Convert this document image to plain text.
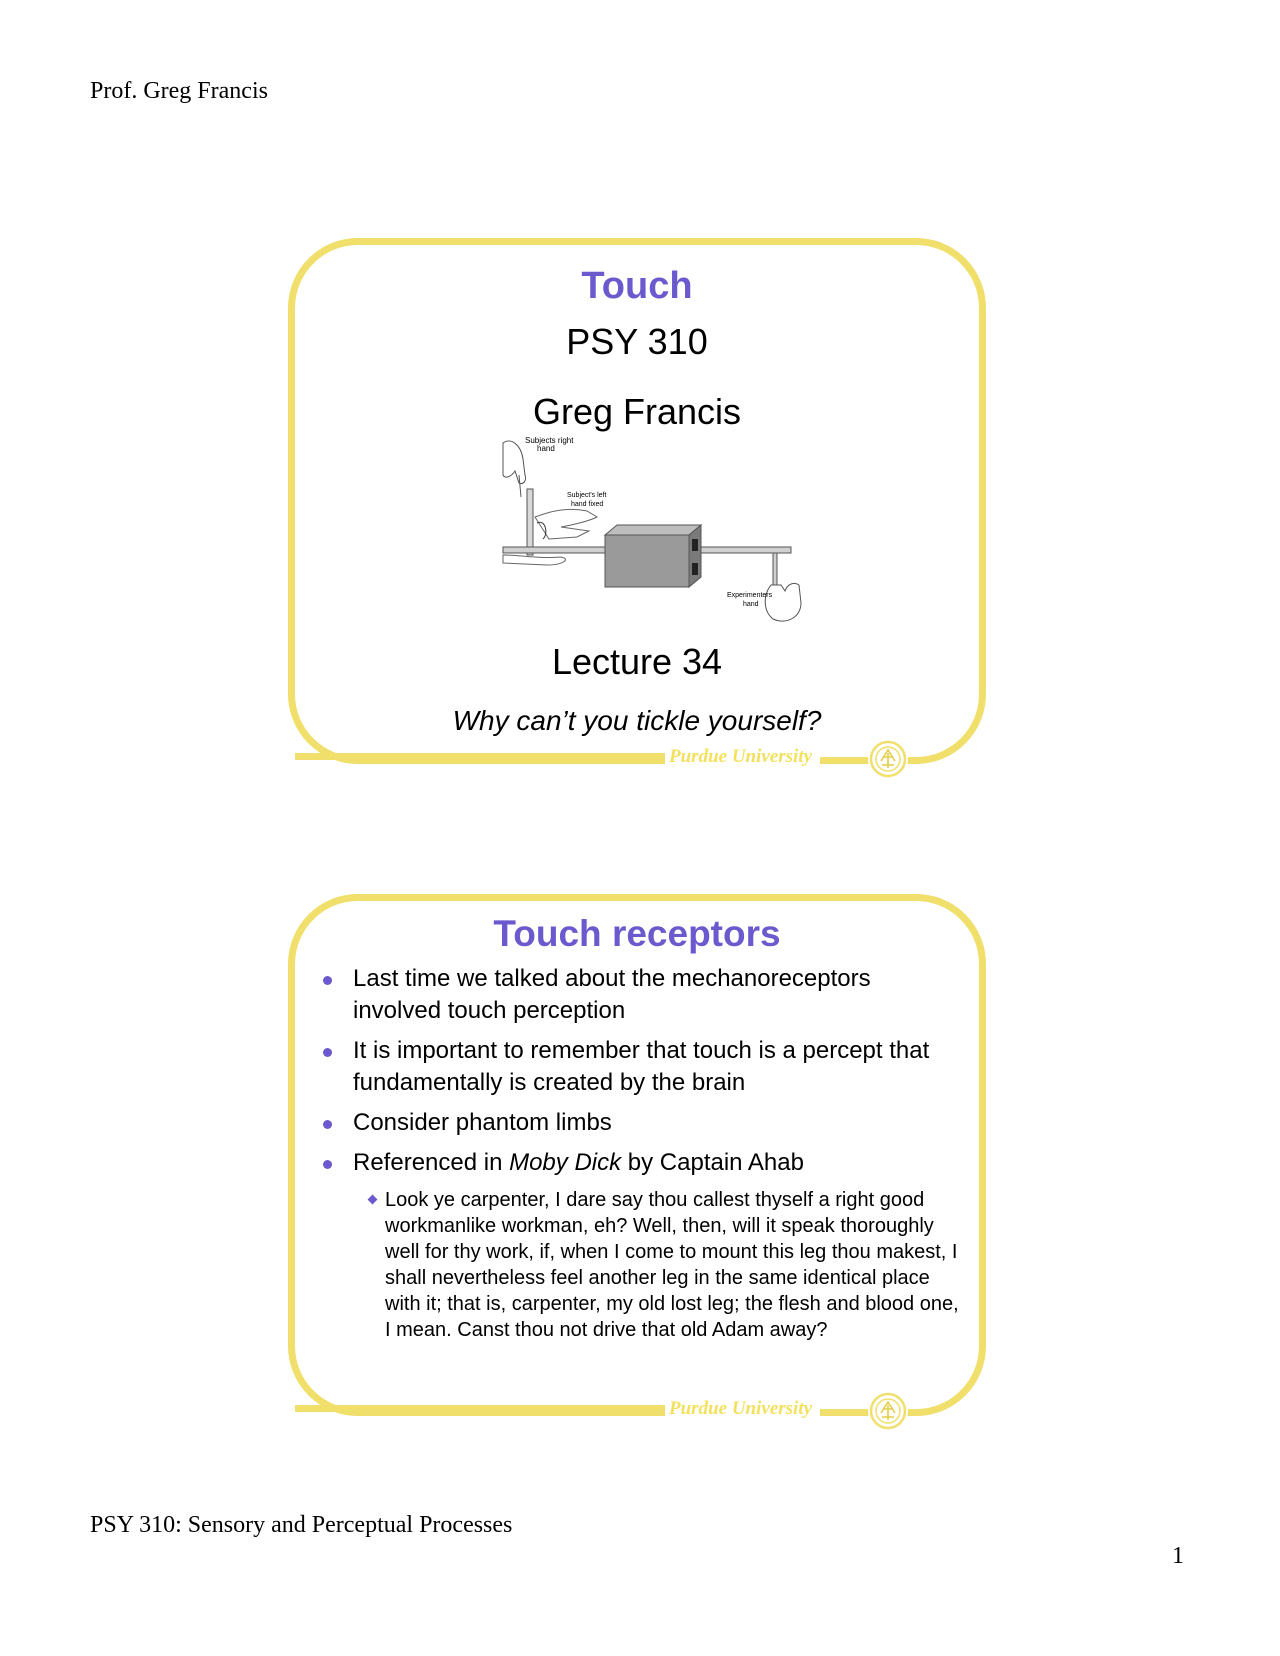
Prof. Greg Francis
Touch
PSY 310
Greg Francis
Subjects right
hand
Subject's left
hand fixed
Experimenters
hand
Lecture 34
Why can’t you tickle yourself?
Purdue University
Touch receptors
Last time we talked about the mechanoreceptors involved touch perception
It is important to remember that touch is a percept that fundamentally is created by the brain
Consider phantom limbs
Referenced in Moby Dick by Captain Ahab
Look ye carpenter, I dare say thou callest thyself a right good workmanlike workman, eh? Well, then, will it speak thoroughly well for thy work, if, when I come to mount this leg thou makest, I shall nevertheless feel another leg in the same identical place with it; that is, carpenter, my old lost leg; the flesh and blood one, I mean. Canst thou not drive that old Adam away?
Purdue University
PSY 310: Sensory and Perceptual Processes
1
